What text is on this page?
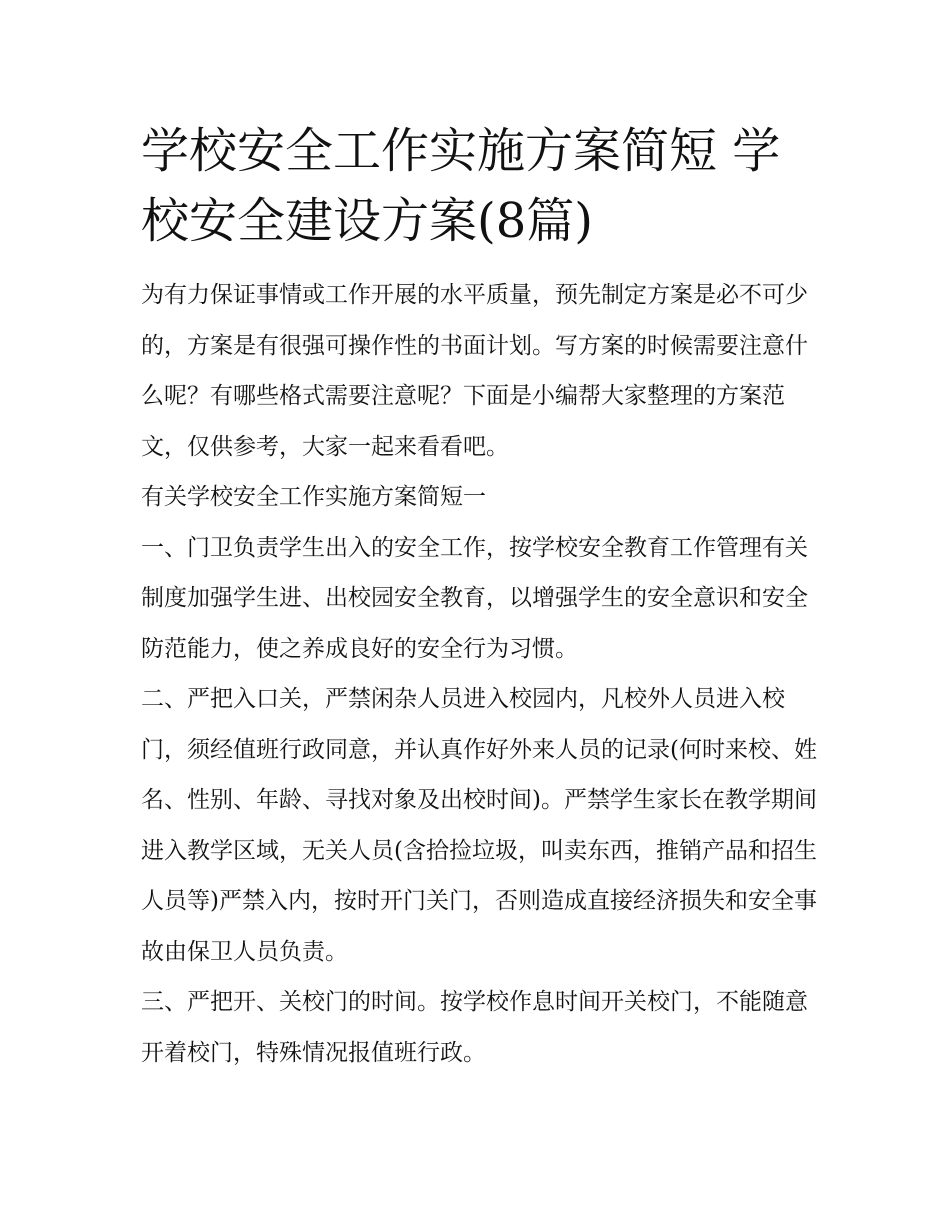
学校安全工作实施方案简短 学校安全建设方案(8篇)

为有力保证事情或工作开展的水平质量，预先制定方案是必不可少的，方案是有很强可操作性的书面计划。写方案的时候需要注意什么呢？有哪些格式需要注意呢？下面是小编帮大家整理的方案范文，仅供参考，大家一起来看看吧。

有关学校安全工作实施方案简短一

一、门卫负责学生出入的安全工作，按学校安全教育工作管理有关制度加强学生进、出校园安全教育，以增强学生的安全意识和安全防范能力，使之养成良好的安全行为习惯。

二、严把入口关，严禁闲杂人员进入校园内，凡校外人员进入校门，须经值班行政同意，并认真作好外来人员的记录(何时来校、姓名、性别、年龄、寻找对象及出校时间)。严禁学生家长在教学期间进入教学区域，无关人员(含拾捡垃圾，叫卖东西，推销产品和招生人员等)严禁入内，按时开门关门，否则造成直接经济损失和安全事故由保卫人员负责。

三、严把开、关校门的时间。按学校作息时间开关校门，不能随意开着校门，特殊情况报值班行政。
